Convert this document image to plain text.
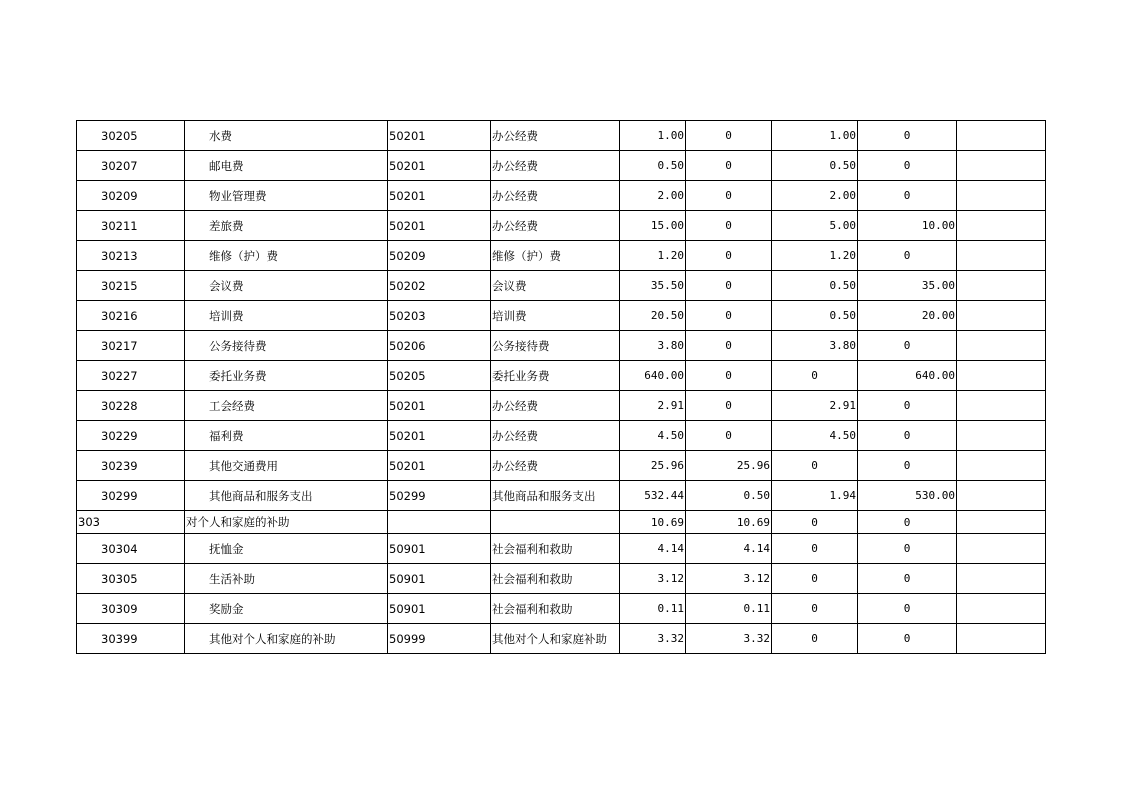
30205	水费	50201	办公经费	1.00	0	1.00	0	
30207	邮电费	50201	办公经费	0.50	0	0.50	0	
30209	物业管理费	50201	办公经费	2.00	0	2.00	0	
30211	差旅费	50201	办公经费	15.00	0	5.00	10.00	
30213	维修（护）费	50209	维修（护）费	1.20	0	1.20	0	
30215	会议费	50202	会议费	35.50	0	0.50	35.00	
30216	培训费	50203	培训费	20.50	0	0.50	20.00	
30217	公务接待费	50206	公务接待费	3.80	0	3.80	0	
30227	委托业务费	50205	委托业务费	640.00	0	0	640.00	
30228	工会经费	50201	办公经费	2.91	0	2.91	0	
30229	福利费	50201	办公经费	4.50	0	4.50	0	
30239	其他交通费用	50201	办公经费	25.96	25.96	0	0	
30299	其他商品和服务支出	50299	其他商品和服务支出	532.44	0.50	1.94	530.00	
303	对个人和家庭的补助			10.69	10.69	0	0	
30304	抚恤金	50901	社会福利和救助	4.14	4.14	0	0	
30305	生活补助	50901	社会福利和救助	3.12	3.12	0	0	
30309	奖励金	50901	社会福利和救助	0.11	0.11	0	0	
30399	其他对个人和家庭的补助	50999	其他对个人和家庭补助	3.32	3.32	0	0	
